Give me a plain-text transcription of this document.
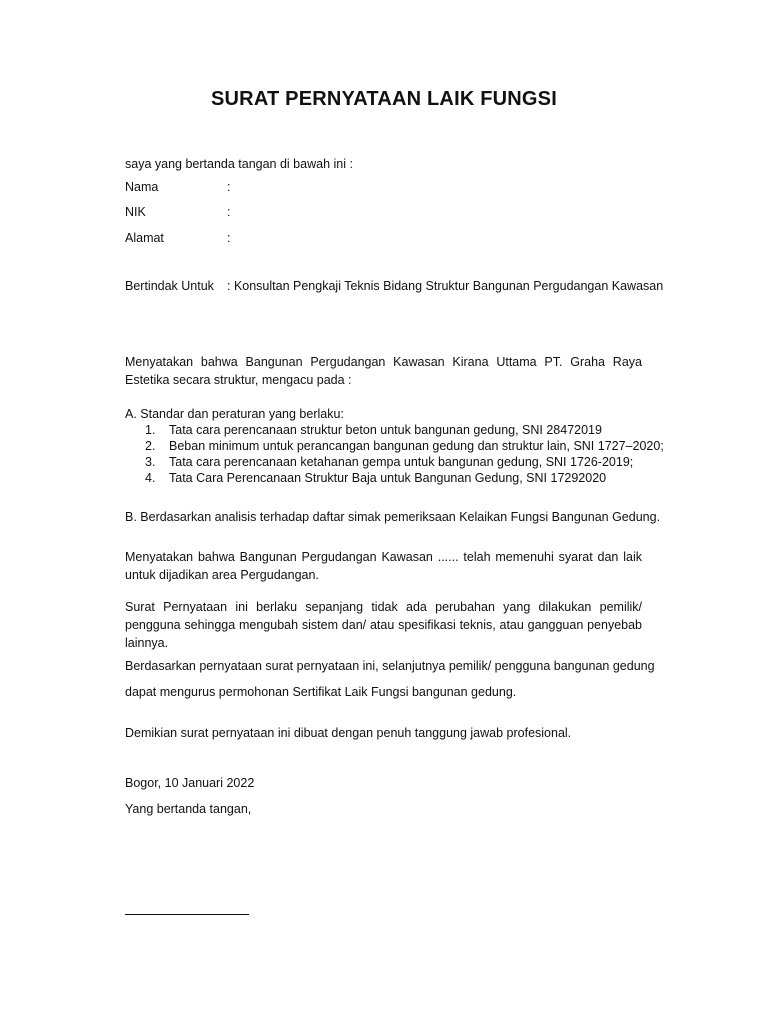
SURAT PERNYATAAN LAIK FUNGSI
saya yang bertanda tangan di bawah ini :
Nama	:
NIK	:
Alamat	:
Bertindak Untuk : Konsultan Pengkaji Teknis Bidang Struktur Bangunan Pergudangan Kawasan
Menyatakan bahwa Bangunan Pergudangan Kawasan Kirana Uttama PT. Graha Raya Estetika secara struktur, mengacu pada :
A. Standar dan peraturan yang berlaku:
1.	Tata cara perencanaan struktur beton untuk bangunan gedung, SNI 28472019
2.	Beban minimum untuk perancangan bangunan gedung dan struktur lain, SNI 1727–2020;
3.	Tata cara perencanaan ketahanan gempa untuk bangunan gedung, SNI 1726-2019;
4.	Tata Cara Perencanaan Struktur Baja untuk Bangunan Gedung, SNI 17292020
B. Berdasarkan analisis terhadap daftar simak pemeriksaan Kelaikan Fungsi Bangunan Gedung.
Menyatakan bahwa Bangunan Pergudangan Kawasan ...... telah memenuhi syarat dan laik untuk dijadikan area Pergudangan.
Surat Pernyataan ini berlaku sepanjang tidak ada perubahan yang dilakukan pemilik/ pengguna sehingga mengubah sistem dan/ atau spesifikasi teknis, atau gangguan penyebab lainnya.
Berdasarkan pernyataan surat pernyataan ini, selanjutnya pemilik/ pengguna bangunan gedung
dapat mengurus permohonan Sertifikat Laik Fungsi bangunan gedung.
Demikian surat pernyataan ini dibuat dengan penuh tanggung jawab profesional.
Bogor, 10 Januari 2022
Yang bertanda tangan,
